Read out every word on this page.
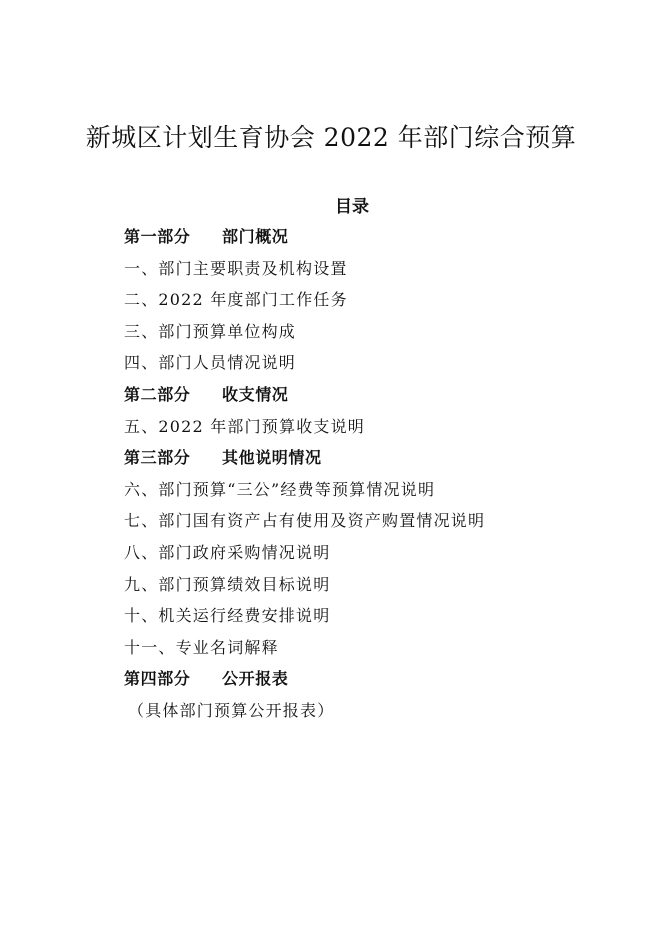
新城区计划生育协会 2022 年部门综合预算
目录
第一部分 部门概况
一、部门主要职责及机构设置
二、2022 年度部门工作任务
三、部门预算单位构成
四、部门人员情况说明
第二部分 收支情况
五、2022 年部门预算收支说明
第三部分 其他说明情况
六、部门预算“三公”经费等预算情况说明
七、部门国有资产占有使用及资产购置情况说明
八、部门政府采购情况说明
九、部门预算绩效目标说明
十、机关运行经费安排说明
十一、专业名词解释
第四部分 公开报表
（具体部门预算公开报表）
